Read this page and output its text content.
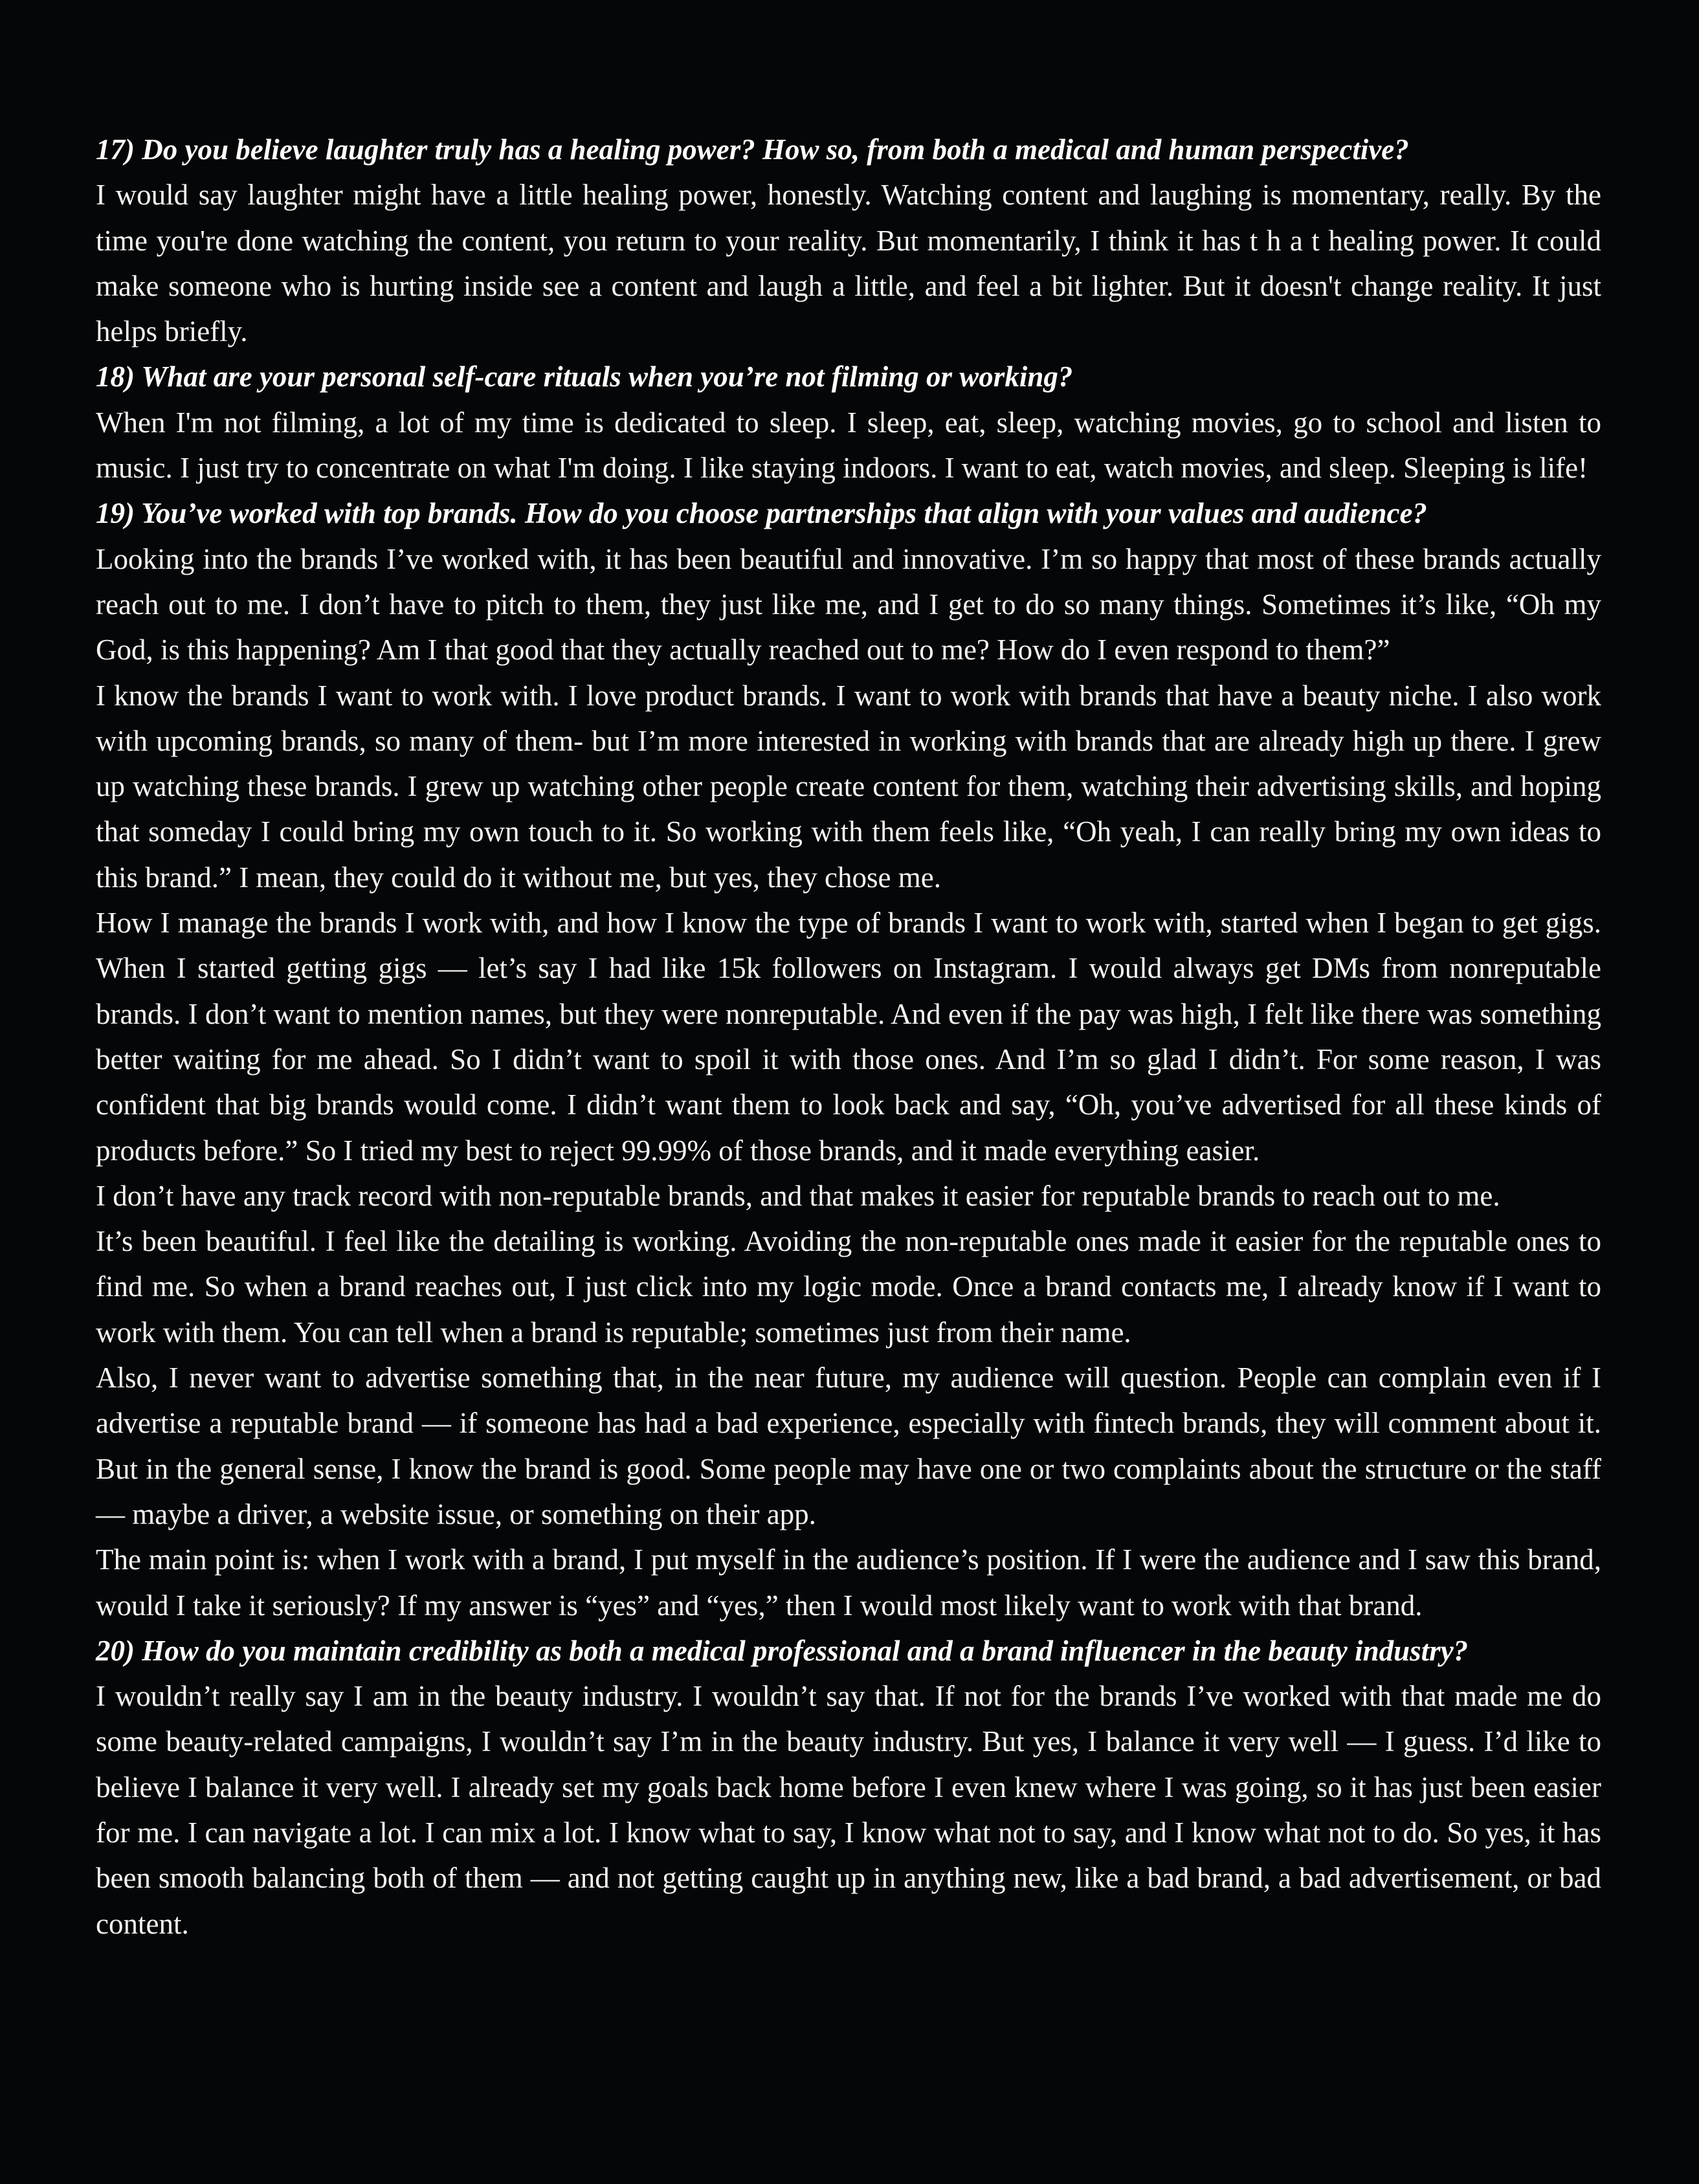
17) Do you believe laughter truly has a healing power? How so, from both a medical and human perspective?

I would say laughter might have a little healing power, honestly. Watching content and laughing is momentary, really. By the time you're done watching the content, you return to your reality. But momentarily, I think it has t h a t healing power. It could make someone who is hurting inside see a content and laugh a little, and feel a bit lighter. But it doesn't change reality. It just helps briefly.

18) What are your personal self-care rituals when you’re not filming or working?

When I'm not filming, a lot of my time is dedicated to sleep. I sleep, eat, sleep, watching movies, go to school and listen to music. I just try to concentrate on what I'm doing. I like staying indoors. I want to eat, watch movies, and sleep. Sleeping is life!

19) You’ve worked with top brands. How do you choose partnerships that align with your values and audience?

Looking into the brands I’ve worked with, it has been beautiful and innovative. I’m so happy that most of these brands actually reach out to me. I don’t have to pitch to them, they just like me, and I get to do so many things. Sometimes it’s like, “Oh my God, is this happening? Am I that good that they actually reached out to me? How do I even respond to them?”

I know the brands I want to work with. I love product brands. I want to work with brands that have a beauty niche. I also work with upcoming brands, so many of them- but I’m more interested in working with brands that are already high up there. I grew up watching these brands. I grew up watching other people create content for them, watching their advertising skills, and hoping that someday I could bring my own touch to it. So working with them feels like, “Oh yeah, I can really bring my own ideas to this brand.” I mean, they could do it without me, but yes, they chose me.

How I manage the brands I work with, and how I know the type of brands I want to work with, started when I began to get gigs. When I started getting gigs — let’s say I had like 15k followers on Instagram. I would always get DMs from nonreputable brands. I don’t want to mention names, but they were nonreputable. And even if the pay was high, I felt like there was something better waiting for me ahead. So I didn’t want to spoil it with those ones. And I’m so glad I didn’t. For some reason, I was confident that big brands would come. I didn’t want them to look back and say, “Oh, you’ve advertised for all these kinds of products before.” So I tried my best to reject 99.99% of those brands, and it made everything easier.

I don’t have any track record with non-reputable brands, and that makes it easier for reputable brands to reach out to me.

It’s been beautiful. I feel like the detailing is working. Avoiding the non-reputable ones made it easier for the reputable ones to find me. So when a brand reaches out, I just click into my logic mode. Once a brand contacts me, I already know if I want to work with them. You can tell when a brand is reputable; sometimes just from their name.

Also, I never want to advertise something that, in the near future, my audience will question. People can complain even if I advertise a reputable brand — if someone has had a bad experience, especially with fintech brands, they will comment about it. But in the general sense, I know the brand is good. Some people may have one or two complaints about the structure or the staff — maybe a driver, a website issue, or something on their app.

The main point is: when I work with a brand, I put myself in the audience’s position. If I were the audience and I saw this brand, would I take it seriously? If my answer is “yes” and “yes,” then I would most likely want to work with that brand.

20) How do you maintain credibility as both a medical professional and a brand influencer in the beauty industry?

I wouldn’t really say I am in the beauty industry. I wouldn’t say that. If not for the brands I’ve worked with that made me do some beauty-related campaigns, I wouldn’t say I’m in the beauty industry. But yes, I balance it very well — I guess. I’d like to believe I balance it very well. I already set my goals back home before I even knew where I was going, so it has just been easier for me. I can navigate a lot. I can mix a lot. I know what to say, I know what not to say, and I know what not to do. So yes, it has been smooth balancing both of them — and not getting caught up in anything new, like a bad brand, a bad advertisement, or bad content.
